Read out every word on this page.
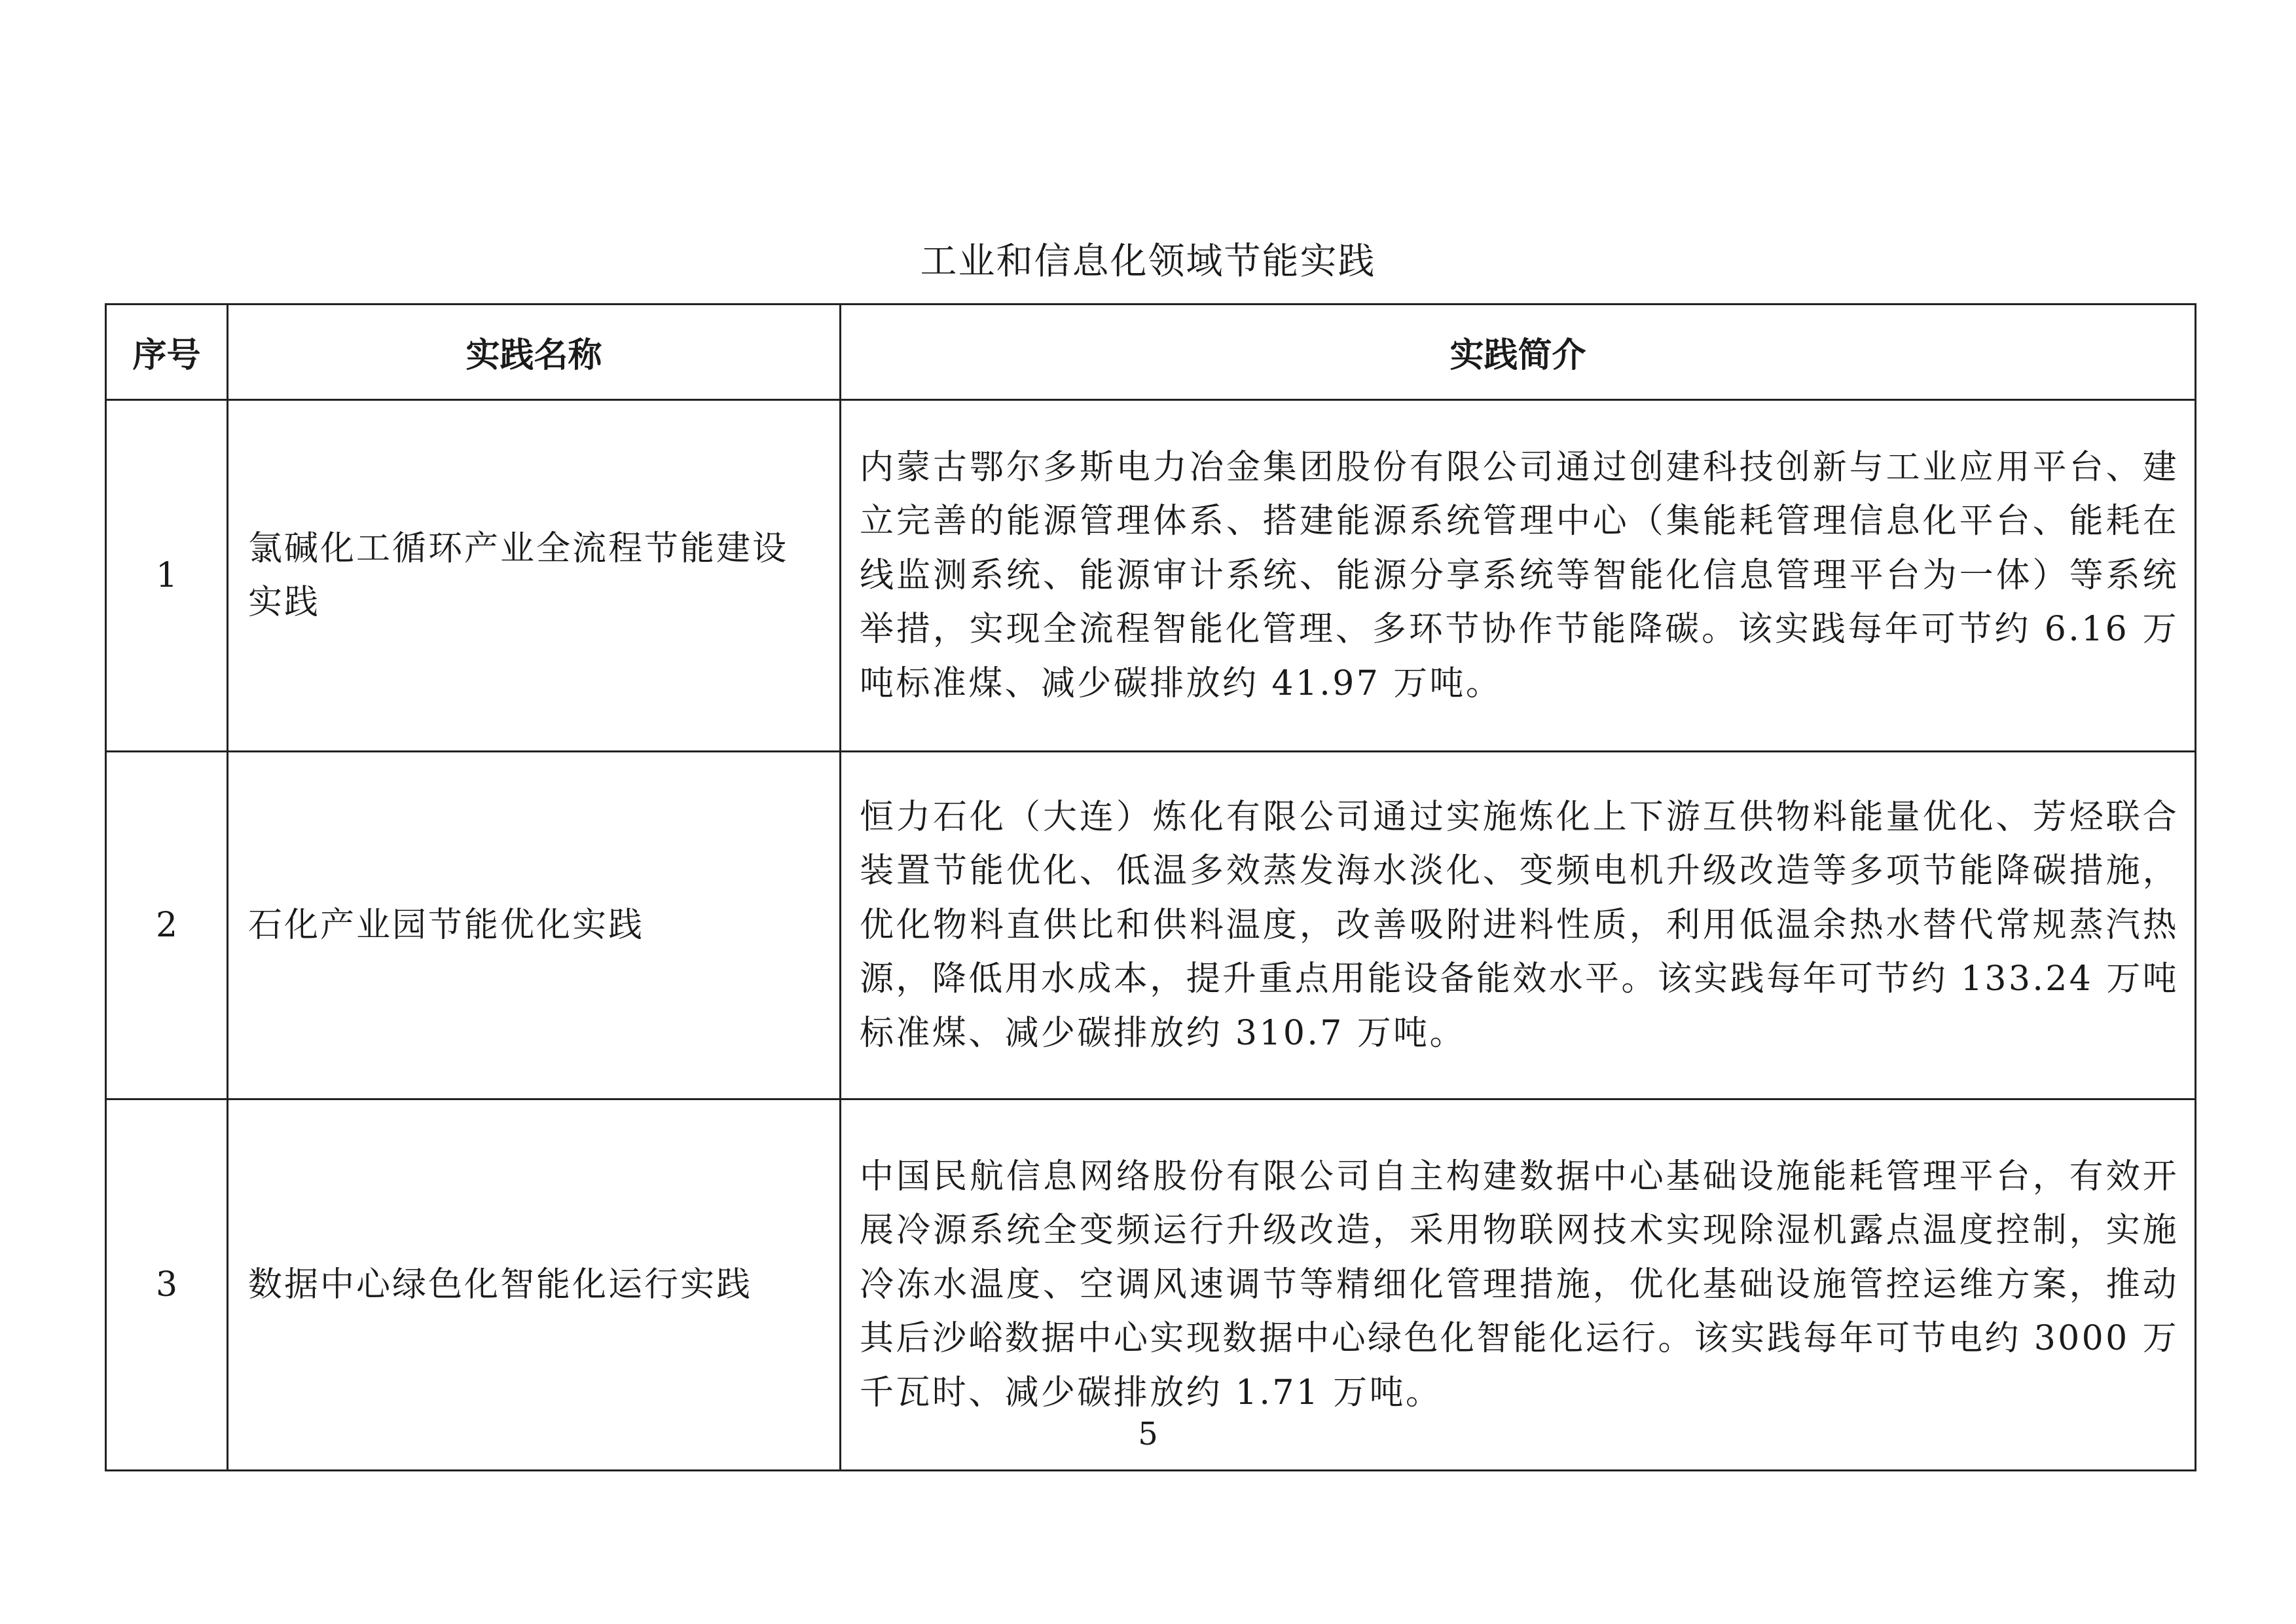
工业和信息化领域节能实践
序号	实践名称	实践简介
1	氯碱化工循环产业全流程节能建设实践	内蒙古鄂尔多斯电力冶金集团股份有限公司通过创建科技创新与工业应用平台、建立完善的能源管理体系、搭建能源系统管理中心（集能耗管理信息化平台、能耗在线监测系统、能源审计系统、能源分享系统等智能化信息管理平台为一体）等系统举措，实现全流程智能化管理、多环节协作节能降碳。该实践每年可节约 6.16 万吨标准煤、减少碳排放约 41.97 万吨。
2	石化产业园节能优化实践	恒力石化（大连）炼化有限公司通过实施炼化上下游互供物料能量优化、芳烃联合装置节能优化、低温多效蒸发海水淡化、变频电机升级改造等多项节能降碳措施，优化物料直供比和供料温度，改善吸附进料性质，利用低温余热水替代常规蒸汽热源，降低用水成本，提升重点用能设备能效水平。该实践每年可节约 133.24 万吨标准煤、减少碳排放约 310.7 万吨。
3	数据中心绿色化智能化运行实践	中国民航信息网络股份有限公司自主构建数据中心基础设施能耗管理平台，有效开展冷源系统全变频运行升级改造，采用物联网技术实现除湿机露点温度控制，实施冷冻水温度、空调风速调节等精细化管理措施，优化基础设施管控运维方案，推动其后沙峪数据中心实现数据中心绿色化智能化运行。该实践每年可节电约 3000 万千瓦时、减少碳排放约 1.71 万吨。
5
